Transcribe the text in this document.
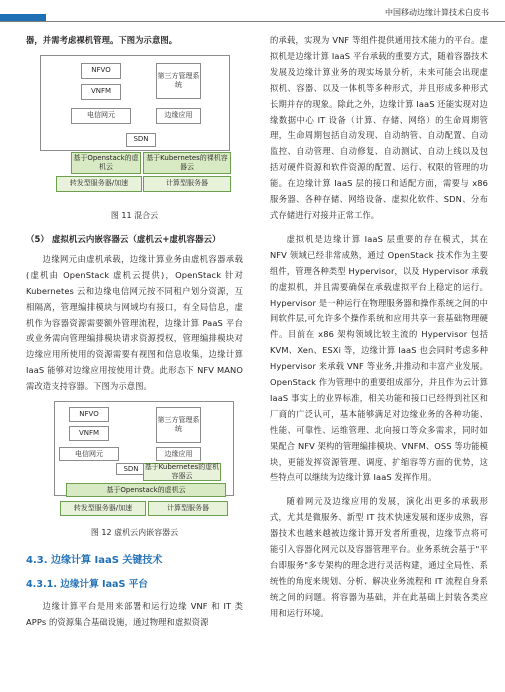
中国移动边缘计算技术白皮书
器，并需考虑裸机管理。下图为示意图。
NFVO
VNFM
电信网元
第三方管理系统
边缘应用
SDN
基于Openstack的虚机云
基于Kubernetes的裸机容器云
转发型服务器/加速	计算型服务器
图 11 混合云
（5） 虚拟机云内嵌容器云（虚机云+虚机容器云）
边缘网元由虚机承载，边缘计算业务由虚机容器承载(虚机由 OpenStack 虚机云提供)，OpenStack 针对 Kubernetes 云和边缘电信网元按不同租户划分资源，互相隔离，管理编排模块与网域均有接口，有全局信息，虚机作为容器资源需要额外管理流程，边缘计算 PaaS 平台或业务需向管理编排模块请求资源授权，管理编排模块对边缘应用所使用的资源需要有视图和信息收集，边缘计算 IaaS 能够对边缘应用按使用计费。此形态下 NFV MANO 需改造支持容器。下图为示意图。
NFVO
VNFM
电信网元
第三方管理系统
边缘应用
SDN 基于Kubernetes的虚机容器云
基于Openstack的虚机云
转发型服务器/加速	计算型服务器
图 12 虚机云内嵌容器云
4.3. 边缘计算 IaaS 关键技术
4.3.1. 边缘计算 IaaS 平台
边缘计算平台是用来部署和运行边缘 VNF 和 IT 类 APPs 的资源集合基础设施，通过物理和虚拟资源
的承载，实现为 VNF 等组件提供通用技术能力的平台。虚拟机是边缘计算 IaaS 平台承载的重要方式，随着容器技术发展及边缘计算业务的现实场景分析，未来可能会出现虚拟机、容器、以及一体机等多种形式，并且形成多种形式长期并存的现象。除此之外，边缘计算 IaaS 还能实现对边缘数据中心 IT 设备（计算、存储、网络）的生命周期管理，生命周期包括自动发现、自动纳管、自动配置、自动监控、自动管理、自动修复、自动测试、自动上线以及包括对硬件资源和软件资源的配置、运行、权限的管理的功能。在边缘计算 IaaS 层的接口和适配方面，需要与 x86 服务器、各种存储、网络设备、虚拟化软件、SDN、分布式存储进行对接并正常工作。
虚拟机是边缘计算 IaaS 层重要的存在模式，其在 NFV 领域已经非常成熟，通过 OpenStack 技术作为主要组件，管理各种类型 Hypervisor，以及 Hypervisor 承载的虚拟机，并且需要确保在承载虚拟平台上稳定的运行。Hypervisor 是一种运行在物理服务器和操作系统之间的中间软件层,可允许多个操作系统和应用共享一套基础物理硬件。目前在 x86 架构领域比较主流的 Hypervisor 包括 KVM、Xen、ESXi 等，边缘计算 IaaS 也会同时考虑多种 Hypervisor 来承载 VNF 等业务,并推动和丰富产业发展。OpenStack 作为管理中的重要组成部分，并且作为云计算 IaaS 事实上的业界标准，相关功能和接口已经得到社区和厂商的广泛认可，基本能够满足对边缘业务的各种功能、性能、可靠性、运维管理、北向接口等众多需求，同时如果配合 NFV 架构的管理编排模块、VNFM、OSS 等功能模块，更能发挥资源管理、调度、扩缩容等方面的优势，这些特点可以继续为边缘计算 IaaS 发挥作用。
随着网元及边缘应用的发展，演化出更多的承载形式，尤其是微服务、新型 IT 技术快速发展和逐步成熟，容器技术也越来越被边缘计算开发者所重视，边缘节点将可能引入容器化网元以及容器管理平台。业务系统会基于"平台即服务"多专架构的理念进行灵活构建，通过全局性、系统性的角度来规划、分析、解决业务流程和 IT 流程自身系统之间的问题。将容器为基础，并在此基础上封装各类应用和运行环境。
